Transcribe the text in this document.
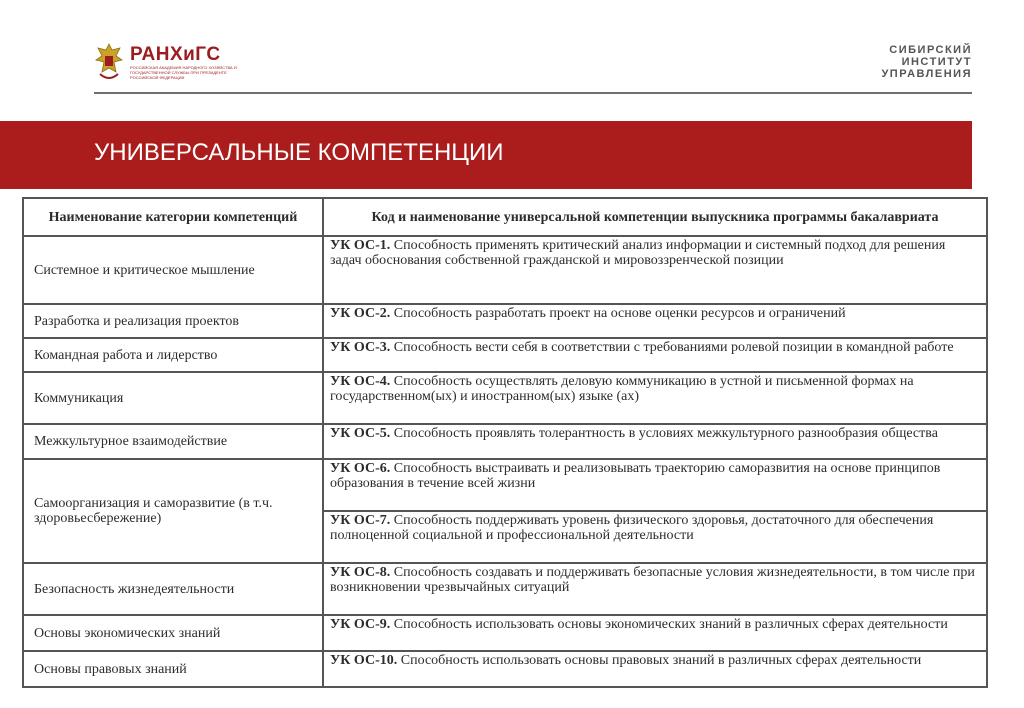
РАНХиГС
РОССИЙСКАЯ АКАДЕМИЯ НАРОДНОГО ХОЗЯЙСТВА И ГОСУДАРСТВЕННОЙ СЛУЖБЫ ПРИ ПРЕЗИДЕНТЕ РОССИЙСКОЙ ФЕДЕРАЦИИ
СИБИРСКИЙ
ИНСТИТУТ
УПРАВЛЕНИЯ
УНИВЕРСАЛЬНЫЕ КОМПЕТЕНЦИИ
Наименование категории компетенций	Код и наименование универсальной компетенции выпускника программы бакалавриата
Системное и критическое мышление	УК ОС-1. Способность применять критический анализ информации и системный подход для решения задач обоснования собственной гражданской и мировоззренческой позиции
Разработка и реализация проектов	УК ОС-2. Способность разработать проект на основе оценки ресурсов и ограничений
Командная работа и лидерство	УК ОС-3. Способность вести себя в соответствии с требованиями ролевой позиции в командной работе
Коммуникация	УК ОС-4. Способность осуществлять деловую коммуникацию в устной и письменной формах на государственном(ых) и иностранном(ых) языке (ах)
Межкультурное взаимодействие	УК ОС-5. Способность проявлять толерантность в условиях межкультурного разнообразия общества
Самоорганизация и саморазвитие (в т.ч. здоровьесбережение)	УК ОС-6. Способность выстраивать и реализовывать траекторию саморазвития на основе принципов образования в течение всей жизни
	УК ОС-7. Способность поддерживать уровень физического здоровья, достаточного для обеспечения полноценной социальной и профессиональной деятельности
Безопасность жизнедеятельности	УК ОС-8. Способность создавать и поддерживать безопасные условия жизнедеятельности, в том числе при возникновении чрезвычайных ситуаций
Основы экономических знаний	УК ОС-9. Способность использовать основы экономических знаний в различных сферах деятельности
Основы правовых знаний	УК ОС-10. Способность использовать основы правовых знаний в различных сферах деятельности
